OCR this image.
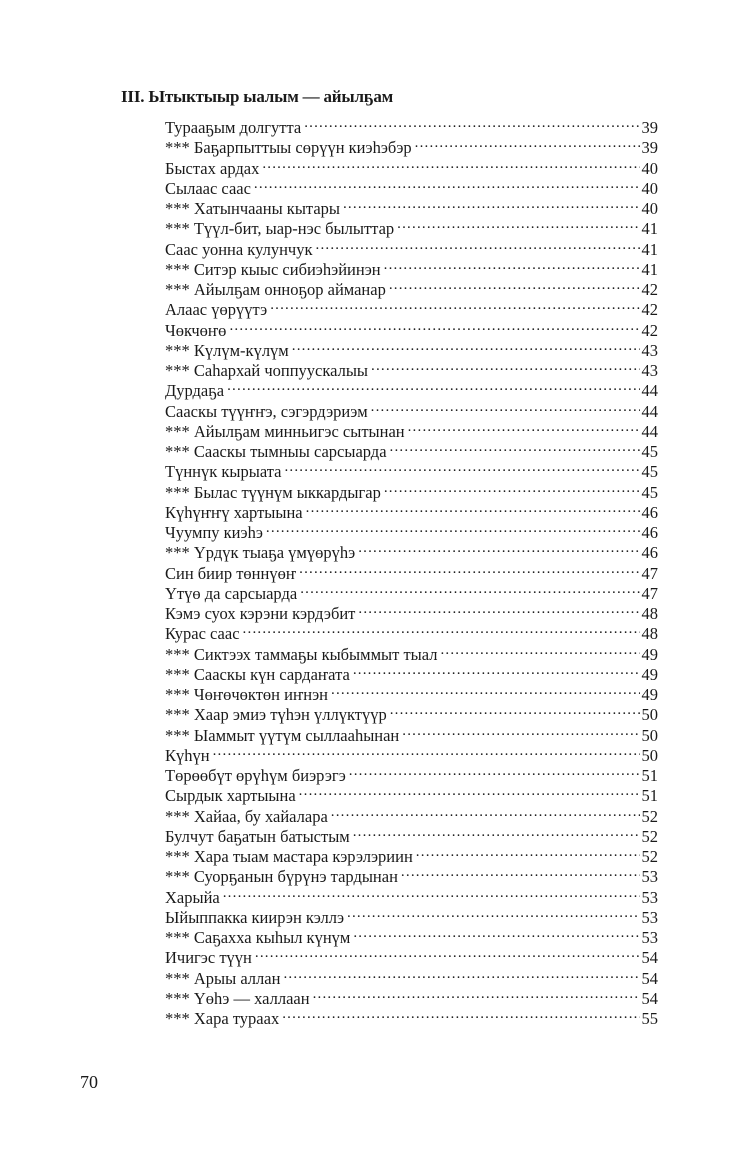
III. Ытыктыыр ыалым — айылҕам
Тураaҕым долгутта .....	39
*** Баҕарпыттыы сөрүүн киэһэбэр .....	39
Быстах ардах .....	40
Сылаас саас .....	40
*** Хатынчааны кытары .....	40
*** Түүл-бит, ыар-нэс былыттар .....	41
Саас уонна кулунчук .....	41
*** Ситэр кыыс сибиэһэйинэн .....	41
*** Айылҕам онноҕор айманар .....	42
Алаас үөрүүтэ .....	42
Чөкчөҥө .....	42
*** Күлүм-күлүм .....	43
*** Саһархай чоппуускалыы .....	43
Дурдаҕа .....	44
Сааскы түүҥҥэ, сэгэрдэриэм .....	44
*** Айылҕам минньигэс сытынан .....	44
*** Сааскы тымныы сарсыарда .....	45
Түннүк кырыата .....	45
*** Былас түүнүм ыккардыгар .....	45
Күһүҥҥү хартыына .....	46
Чуумпу киэһэ .....	46
*** Үрдүк тыаҕа үмүөрүһэ .....	46
Син биир төннүөҥ .....	47
Үтүө да сарсыарда .....	47
Кэмэ суох кэрэни кэрдэбит .....	48
Курас саас .....	48
*** Сиктээх таммаҕы кыбыммыт тыал .....	49
*** Сааскы күн сардаҥата .....	49
*** Чөҥөчөктөн иҥнэн .....	49
*** Хаар эмиэ түһэн үллүктүүр .....	50
*** Ыаммыт үүтүм сыллааһынан .....	50
Күһүн .....	50
Төрөөбүт өрүһүм биэрэгэ .....	51
Сырдык хартыына .....	51
*** Хайаа, бу хайалара .....	52
Булчут баҕатын батыстым .....	52
*** Хара тыам мастара кэрэлэриин .....	52
*** Суорҕанын бүрүнэ тардынан .....	53
Харыйа .....	53
Ыйыппакка киирэн кэллэ .....	53
*** Саҕахха кыһыл күнүм .....	53
Ичигэс түүн .....	54
*** Арыы аллан .....	54
*** Үөһэ — халлаан .....	54
*** Хара тураах .....	55
70
